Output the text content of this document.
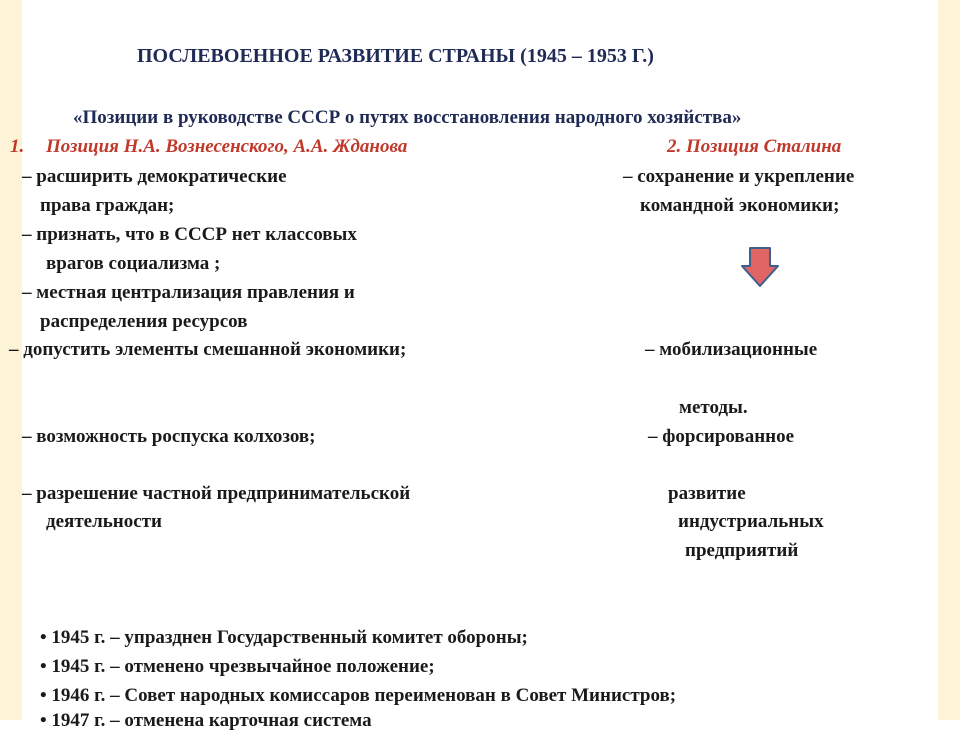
ПОСЛЕВОЕННОЕ РАЗВИТИЕ СТРАНЫ (1945 – 1953 Г.)
«Позиции в руководстве СССР о путях восстановления народного хозяйства»
1. Позиция Н.А. Вознесенского, А.А. Жданова
– расширить демократические
права граждан;
– признать, что в СССР нет классовых
врагов социализма ;
– местная централизация правления и
распределения ресурсов
– допустить элементы смешанной экономики;
– возможность роспуска колхозов;
– разрешение частной предпринимательской
деятельности
2. Позиция Сталина
– сохранение и укрепление
командной экономики;
– мобилизационные
методы.
– форсированное
развитие
индустриальных
предприятий
• 1945 г. – упразднен Государственный комитет обороны;
• 1945 г. – отменено чрезвычайное положение;
• 1946 г. – Совет народных комиссаров переименован в Совет Министров;
• 1947 г. – отменена карточная система
